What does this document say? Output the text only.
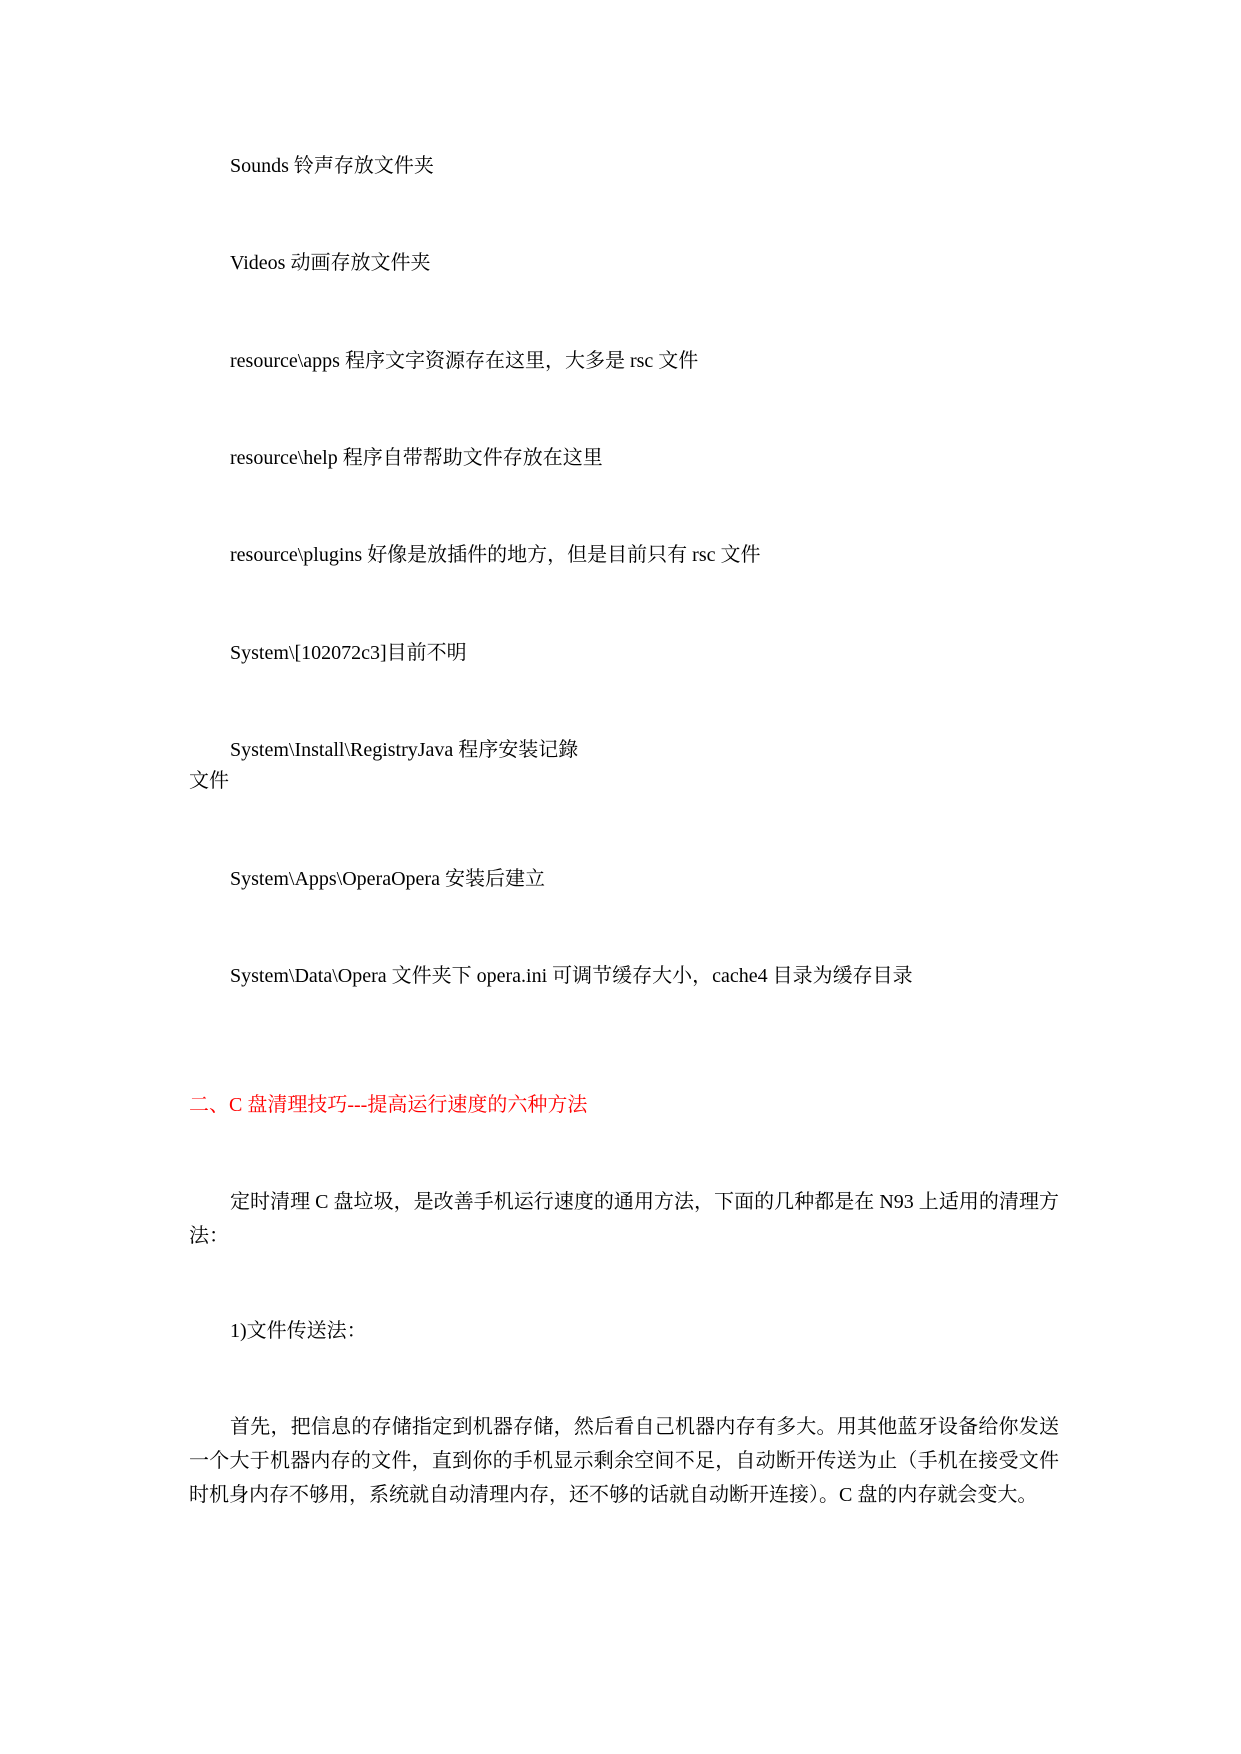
Sounds 铃声存放文件夹
Videos 动画存放文件夹
resource\apps 程序文字资源存在这里，大多是 rsc 文件
resource\help 程序自带帮助文件存放在这里
resource\plugins 好像是放插件的地方，但是目前只有 rsc 文件
System\[102072c3]目前不明
System\Install\RegistryJava 程序安装记錄
文件
System\Apps\OperaOpera 安装后建立
System\Data\Opera 文件夹下 opera.ini 可调节缓存大小，cache4 目录为缓存目录
二、C 盘清理技巧---提高运行速度的六种方法
定时清理 C 盘垃圾，是改善手机运行速度的通用方法，下面的几种都是在 N93 上适用的清理方法：
1)文件传送法：
首先，把信息的存储指定到机器存储，然后看自己机器内存有多大。用其他蓝牙设备给你发送一个大于机器内存的文件，直到你的手机显示剩余空间不足，自动断开传送为止（手机在接受文件时机身内存不够用，系统就自动清理内存，还不够的话就自动断开连接）。C 盘的内存就会变大。
